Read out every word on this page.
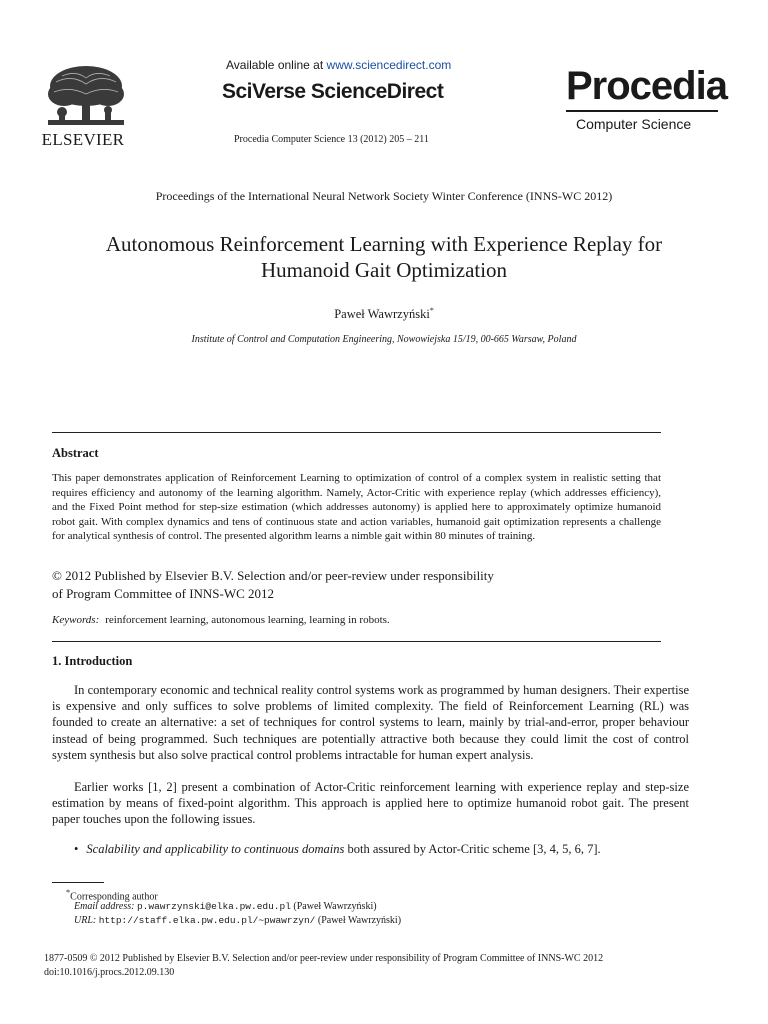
ELSEVIER
Available online at www.sciencedirect.com
SciVerse ScienceDirect
Procedia Computer Science 13 (2012) 205 – 211
Procedia
Computer Science
Proceedings of the International Neural Network Society Winter Conference (INNS-WC 2012)
Autonomous Reinforcement Learning with Experience Replay for
Humanoid Gait Optimization
Paweł Wawrzyński*
Institute of Control and Computation Engineering, Nowowiejska 15/19, 00-665 Warsaw, Poland
Abstract
This paper demonstrates application of Reinforcement Learning to optimization of control of a complex system in realistic setting that requires efficiency and autonomy of the learning algorithm. Namely, Actor-Critic with experience replay (which addresses efficiency), and the Fixed Point method for step-size estimation (which addresses autonomy) is applied here to approximately optimize humanoid robot gait. With complex dynamics and tens of continuous state and action variables, humanoid gait optimization represents a challenge for analytical synthesis of control. The presented algorithm learns a nimble gait within 80 minutes of training.
© 2012 Published by Elsevier B.V. Selection and/or peer-review under responsibility
of Program Committee of INNS-WC 2012
Keywords: reinforcement learning, autonomous learning, learning in robots.
1. Introduction
In contemporary economic and technical reality control systems work as programmed by human designers. Their expertise is expensive and only suffices to solve problems of limited complexity. The field of Reinforcement Learning (RL) was founded to create an alternative: a set of techniques for control systems to learn, mainly by trial-and-error, proper behaviour instead of being programmed. Such techniques are potentially attractive both because they could limit the cost of control system synthesis but also solve practical control problems intractable for human expert analysis.
Earlier works [1, 2] present a combination of Actor-Critic reinforcement learning with experience replay and step-size estimation by means of fixed-point algorithm. This approach is applied here to optimize humanoid robot gait. The present paper touches upon the following issues.
• Scalability and applicability to continuous domains both assured by Actor-Critic scheme [3, 4, 5, 6, 7].
*Corresponding author
Email address: p.wawrzynski@elka.pw.edu.pl (Paweł Wawrzyński)
URL: http://staff.elka.pw.edu.pl/~pwawrzyn/ (Paweł Wawrzyński)
1877-0509 © 2012 Published by Elsevier B.V. Selection and/or peer-review under responsibility of Program Committee of INNS-WC 2012
doi:10.1016/j.procs.2012.09.130
